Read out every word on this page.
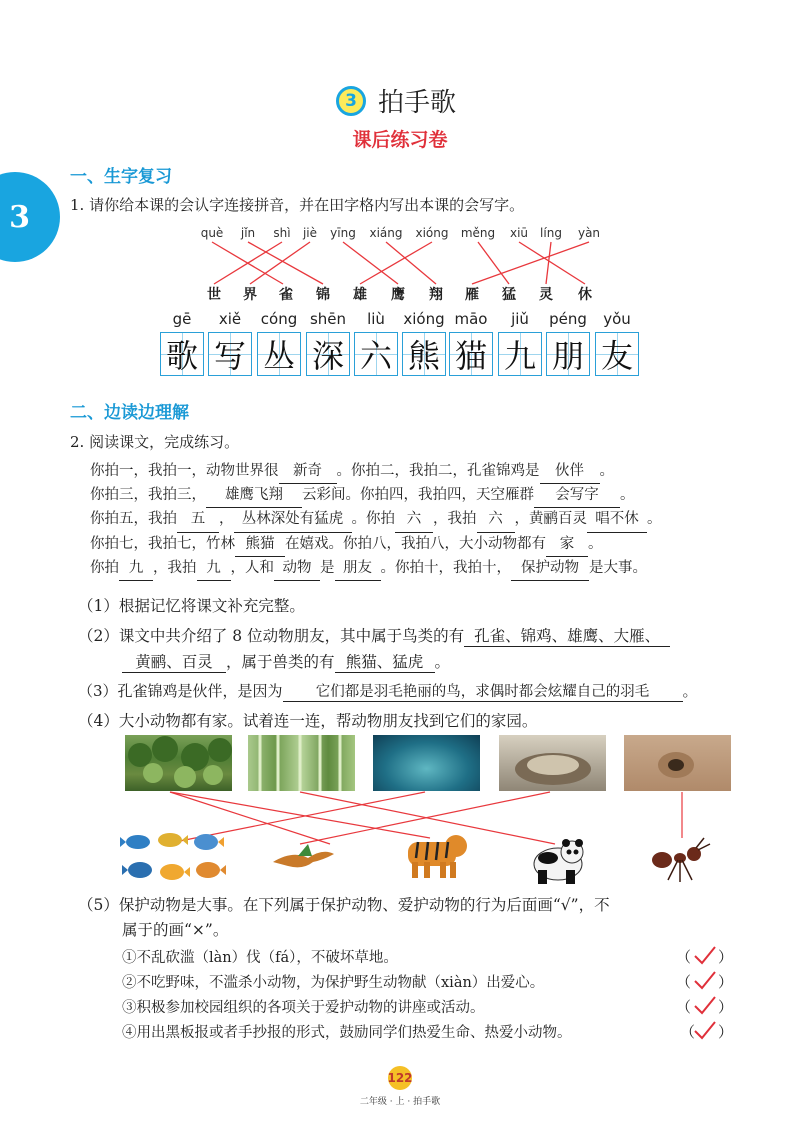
3
3 拍手歌
课后练习卷
一、生字复习
1. 请你给本课的会认字连接拼音，并在田字格内写出本课的会写字。
què jǐn shì jiè yīng xiáng xióng měng xiū líng yàn
世 界 雀 锦 雄 鹰 翔 雁 猛 灵 休
gē xiě cóng shēn liù xióng māo jiǔ péng yǒu
歌 写 丛 深 六 熊 猫 九 朋 友
二、边读边理解
2. 阅读课文，完成练习。
你拍一，我拍一，动物世界很 新奇 。你拍二，我拍二，孔雀锦鸡是 伙伴 。
你拍三，我拍三， 雄鹰飞翔 云彩间。你拍四，我拍四，天空雁群 会写字 。
你拍五，我拍 五 ， 丛林深处有猛虎 。你拍 六 ，我拍 六 ，黄鹂百灵 唱不休 。
你拍七，我拍七，竹林 熊猫 在嬉戏。你拍八，我拍八，大小动物都有 家 。
你拍 九 ，我拍 九 ，人和 动物 是 朋友 。你拍十，我拍十， 保护动物 是大事。
（1）根据记忆将课文补充完整。
（2）课文中共介绍了 8 位动物朋友，其中属于鸟类的有 孔雀、锦鸡、雄鹰、大雁、
黄鹂、百灵 ，属于兽类的有 熊猫、猛虎 。
（3）孔雀锦鸡是伙伴，是因为 它们都是羽毛艳丽的鸟，求偶时都会炫耀自己的羽毛 。
（4）大小动物都有家。试着连一连，帮动物朋友找到它们的家园。
（5）保护动物是大事。在下列属于保护动物、爱护动物的行为后面画“√”，不
属于的画“×”。
①不乱砍滥（làn）伐（fá），不破坏草地。
②不吃野味，不滥杀小动物，为保护野生动物献（xiàn）出爱心。
③积极参加校园组织的各项关于爱护动物的讲座或活动。
④用出黑板报或者手抄报的形式，鼓励同学们热爱生命、热爱小动物。
（ ）
（ ）
（ ）
（ ）
122
二年级 · 上 · 拍手歌
